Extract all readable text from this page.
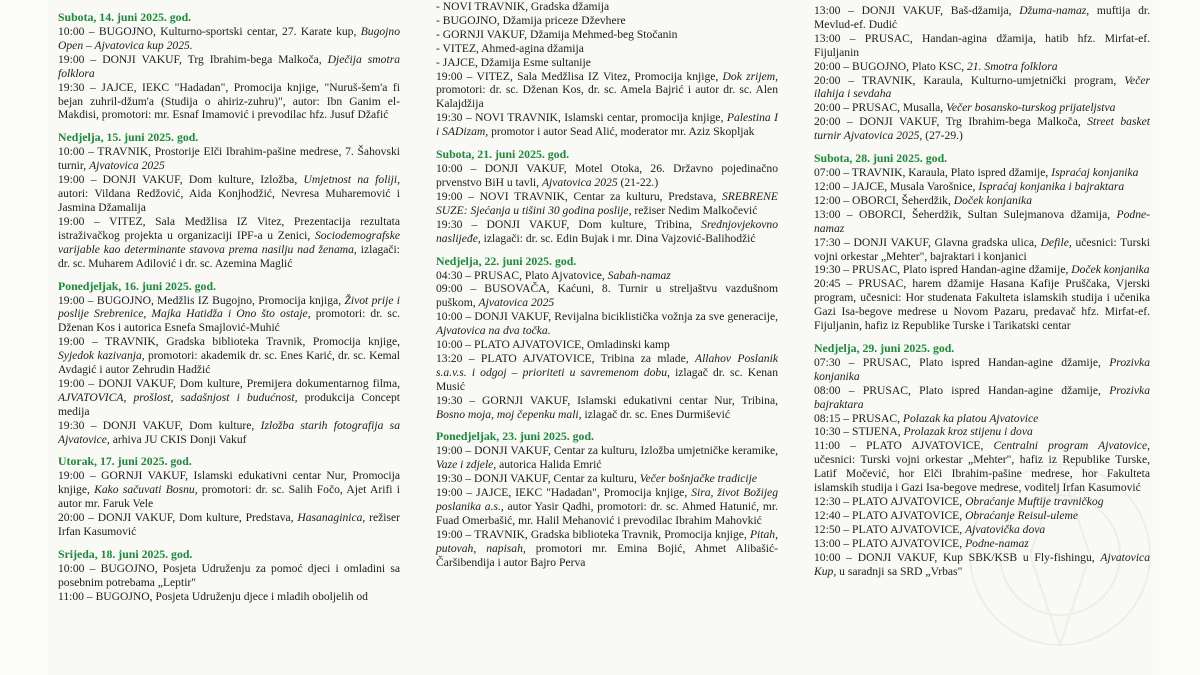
Subota, 14. juni 2025. god.
10:00 – BUGOJNO, Kulturno-sportski centar, 27. Karate kup, Bugojno Open – Ajvatovica kup 2025.
19:00 – DONJI VAKUF, Trg Ibrahim-bega Malkoča, Dječija smotra folklora
19:30 – JAJCE, IEKC "Hadadan", Promocija knjige, "Nuruš-šem'a fi bejan zuhril-džum'a (Studija o ahiriz-zuhru)", autor: Ibn Ganim el-Makdisi, promotori: mr. Esnaf Imamović i prevodilac hfz. Jusuf Džafić
Nedjelja, 15. juni 2025. god.
10:00 – TRAVNIK, Prostorije Elči Ibrahim-pašine medrese, 7. Šahovski turnir, Ajvatovica 2025
19:00 – DONJI VAKUF, Dom kulture, Izložba, Umjetnost na foliji, autori: Vildana Redžović, Aida Konjhodžić, Nevresa Muharemović i Jasmina Džamalija
19:00 – VITEZ, Sala Medžlisa IZ Vitez, Prezentacija rezultata istraživačkog projekta u organizaciji IPF-a u Zenici, Sociodemografske varijable kao determinante stavova prema nasilju nad ženama, izlagači: dr. sc. Muharem Adilović i dr. sc. Azemina Maglić
Ponedjeljak, 16. juni 2025. god.
19:00 – BUGOJNO, Medžlis IZ Bugojno, Promocija knjiga, Život prije i poslije Srebrenice, Majka Hatidža i Ono što ostaje, promotori: dr. sc. Dženan Kos i autorica Esnefa Smajlović-Muhić
19:00 – TRAVNIK, Gradska biblioteka Travnik, Promocija knjige, Syjedok kazivanja, promotori: akademik dr. sc. Enes Karić, dr. sc. Kemal Avdagić i autor Zehrudin Hadžić
19:00 – DONJI VAKUF, Dom kulture, Premijera dokumentarnog filma, AJVATOVICA, prošlost, sadašnjost i budućnost, produkcija Concept medija
19:30 – DONJI VAKUF, Dom kulture, Izložba starih fotografija sa Ajvatovice, arhiva JU CKIS Donji Vakuf
Utorak, 17. juni 2025. god.
19:00 – GORNJI VAKUF, Islamski edukativni centar Nur, Promocija knjige, Kako sačuvati Bosnu, promotori: dr. sc. Salih Fočo, Ajet Arifi i autor mr. Faruk Vele
20:00 – DONJI VAKUF, Dom kulture, Predstava, Hasanaginica, režiser Irfan Kasumović
Srijeda, 18. juni 2025. god.
10:00 – BUGOJNO, Posjeta Udruženju za pomoć djeci i omladini sa posebnim potrebama „Leptir"
11:00 – BUGOJNO, Posjeta Udruženju djece i mladih oboljelih od
- NOVI TRAVNIK, Gradska džamija
- BUGOJNO, Džamija priceze Dževhere
- GORNJI VAKUF, Džamija Mehmed-beg Stočanin
- VITEZ, Ahmed-agina džamija
- JAJCE, Džamija Esme sultanije
19:00 – VITEZ, Sala Medžlisa IZ Vitez, Promocija knjige, Dok zrijem, promotori: dr. sc. Dženan Kos, dr. sc. Amela Bajrić i autor dr. sc. Alen Kalajdžija
19:30 – NOVI TRAVNIK, Islamski centar, promocija knjige, Palestina I i SADizam, promotor i autor Sead Alić, moderator mr. Aziz Skopljak
Subota, 21. juni 2025. god.
10:00 – DONJI VAKUF, Motel Otoka, 26. Državno pojedinačno prvenstvo BiH u tavli, Ajvatovica 2025 (21-22.)
19:00 – NOVI TRAVNIK, Centar za kulturu, Predstava, SREBRENE SUZE: Sjećanja u tišini 30 godina poslije, režiser Nedim Malkočević
19:30 – DONJI VAKUF, Dom kulture, Tribina, Srednjovjekovno naslijeđe, izlagači: dr. sc. Edin Bujak i mr. Dina Vajzović-Balihodžić
Nedjelja, 22. juni 2025. god.
04:30 – PRUSAC, Plato Ajvatovice, Sabah-namaz
09:00 – BUSOVAČA, Kaćuni, 8. Turnir u streljaštvu vazdušnom puškom, Ajvatovica 2025
10:00 – DONJI VAKUF, Revijalna biciklistička vožnja za sve generacije, Ajvatovica na dva točka.
10:00 – PLATO AJVATOVICE, Omladinski kamp
13:20 – PLATO AJVATOVICE, Tribina za mlade, Allahov Poslanik s.a.v.s. i odgoj – prioriteti u savremenom dobu, izlagač dr. sc. Kenan Musić
19:30 – GORNJI VAKUF, Islamski edukativni centar Nur, Tribina, Bosno moja, moj čepenku mali, izlagač dr. sc. Enes Durmišević
Ponedjeljak, 23. juni 2025. god.
19:00 – DONJI VAKUF, Centar za kulturu, Izložba umjetničke keramike, Vaze i zdjele, autorica Halida Emrić
19:30 – DONJI VAKUF, Centar za kulturu, Večer bošnjačke tradicije
19:00 – JAJCE, IEKC "Hadadan", Promocija knjige, Sira, život Božijeg poslanika a.s., autor Yasir Qadhi, promotori: dr. sc. Ahmed Hatunić, mr. Fuad Omerbašić, mr. Halil Mehanović i prevodilac Ibrahim Mahovkić
19:00 – TRAVNIK, Gradska biblioteka Travnik, Promocija knjige, Pitah, putovah, napisah, promotori mr. Emina Bojić, Ahmet Alibašić-Čaršibendija i autor Bajro Perva
13:00 – DONJI VAKUF, Baš-džamija, Džuma-namaz, muftija dr. Mevlud-ef. Dudić
13:00 – PRUSAC, Handan-agina džamija, hatib hfz. Mirfat-ef. Fijuljanin
20:00 – BUGOJNO, Plato KSC, 21. Smotra folklora
20:00 – TRAVNIK, Karaula, Kulturno-umjetnički program, Večer ilahija i sevdaha
20:00 – PRUSAC, Musalla, Večer bosansko-turskog prijateljstva
20:00 – DONJI VAKUF, Trg Ibrahim-bega Malkoča, Street basket turnir Ajvatovica 2025, (27-29.)
Subota, 28. juni 2025. god.
07:00 – TRAVNIK, Karaula, Plato ispred džamije, Ispraćaj konjanika
12:00 – JAJCE, Musala Varošnice, Ispraćaj konjanika i bajraktara
12:00 – OBORCI, Šeherdžik, Doček konjanika
13:00 – OBORCI, Šeherdžik, Sultan Sulejmanova džamija, Podne-namaz
17:30 – DONJI VAKUF, Glavna gradska ulica, Defile, učesnici: Turski vojni orkestar „Mehter", bajraktari i konjanici
19:30 – PRUSAC, Plato ispred Handan-agine džamije, Doček konjanika
20:45 – PRUSAC, harem džamije Hasana Kafije Pruščaka, Vjerski program, učesnici: Hor studenata Fakulteta islamskih studija i učenika Gazi Isa-begove medrese u Novom Pazaru, predavač hfz. Mirfat-ef. Fijuljanin, hafiz iz Republike Turske i Tarikatski centar
Nedjelja, 29. juni 2025. god.
07:30 – PRUSAC, Plato ispred Handan-agine džamije, Prozivka konjanika
08:00 – PRUSAC, Plato ispred Handan-agine džamije, Prozivka bajraktara
08:15 – PRUSAC, Polazak ka platou Ajvatovice
10:30 – STIJENA, Prolazak kroz stijenu i dova
11:00 – PLATO AJVATOVICE, Centralni program Ajvatovice, učesnici: Turski vojni orkestar „Mehter", hafiz iz Republike Turske, Latif Močević, hor Elči Ibrahim-pašine medrese, hor Fakulteta islamskih studija i Gazi Isa-begove medrese, voditelj Irfan Kasumović
12:30 – PLATO AJVATOVICE, Obraćanje Muftije travničkog
12:40 – PLATO AJVATOVICE, Obraćanje Reisul-uleme
12:50 – PLATO AJVATOVICE, Ajvatovička dova
13:00 – PLATO AJVATOVICE, Podne-namaz
10:00 – DONJI VAKUF, Kup SBK/KSB u Fly-fishingu, Ajvatovica Kup, u saradnji sa SRD „Vrbas"
